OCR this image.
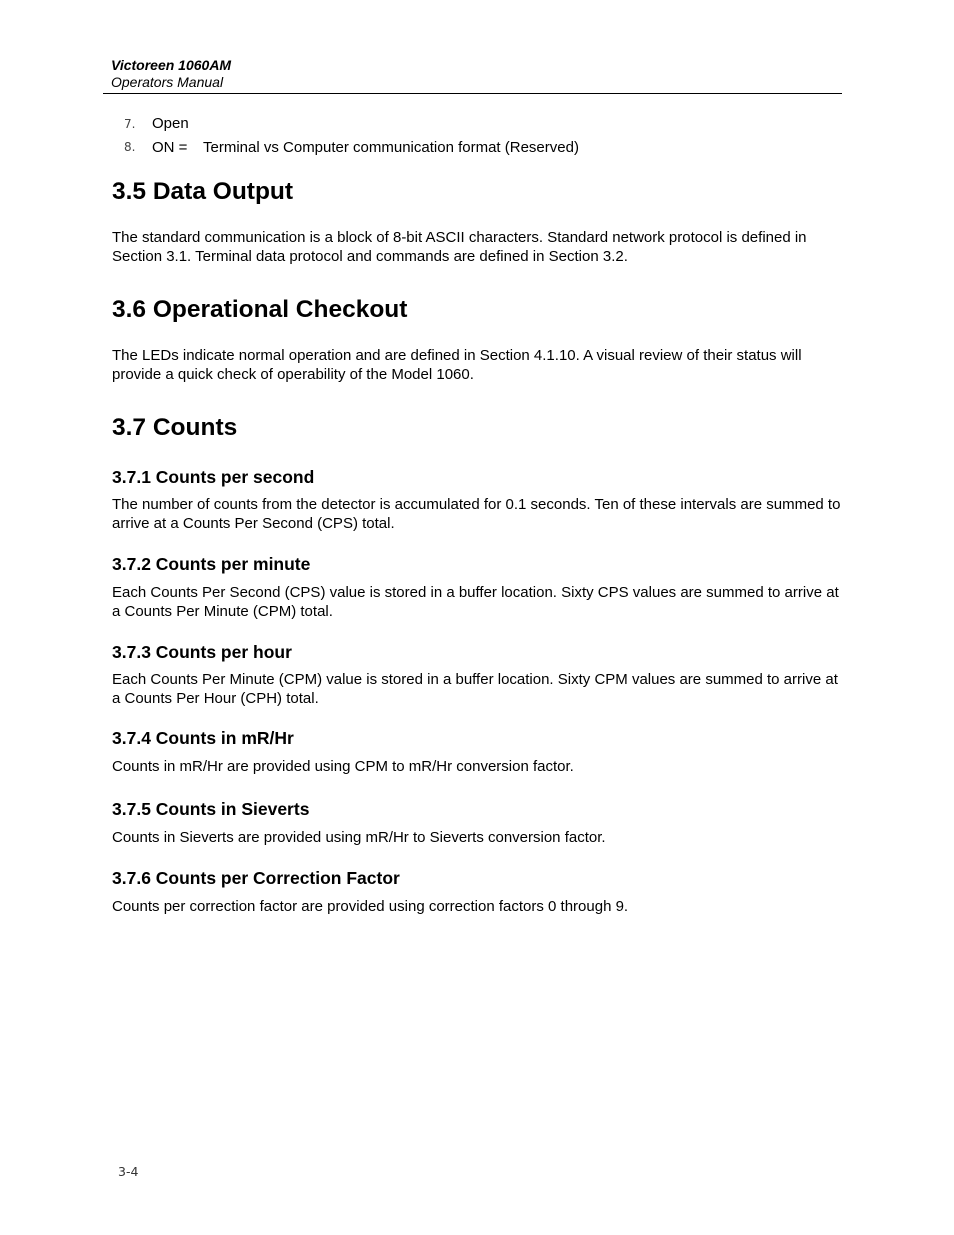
Victoreen 1060AM
Operators Manual
7.	Open
8.	ON =	Terminal vs Computer communication format (Reserved)
3.5 Data Output

The standard communication is a block of 8-bit ASCII characters. Standard network protocol is defined in Section 3.1. Terminal data protocol and commands are defined in Section 3.2.

3.6 Operational Checkout

The LEDs indicate normal operation and are defined in Section 4.1.10. A visual review of their status will provide a quick check of operability of the Model 1060.

3.7 Counts
3.7.1 Counts per second

The number of counts from the detector is accumulated for 0.1 seconds. Ten of these intervals are summed to arrive at a Counts Per Second (CPS) total.

3.7.2 Counts per minute

Each Counts Per Second (CPS) value is stored in a buffer location. Sixty CPS values are summed to arrive at a Counts Per Minute (CPM) total.

3.7.3 Counts per hour

Each Counts Per Minute (CPM) value is stored in a buffer location. Sixty CPM values are summed to arrive at a Counts Per Hour (CPH) total.

3.7.4 Counts in mR/Hr

Counts in mR/Hr are provided using CPM to mR/Hr conversion factor.

3.7.5 Counts in Sieverts

Counts in Sieverts are provided using mR/Hr to Sieverts conversion factor.

3.7.6 Counts per Correction Factor

Counts per correction factor are provided using correction factors 0 through 9.

3-4
